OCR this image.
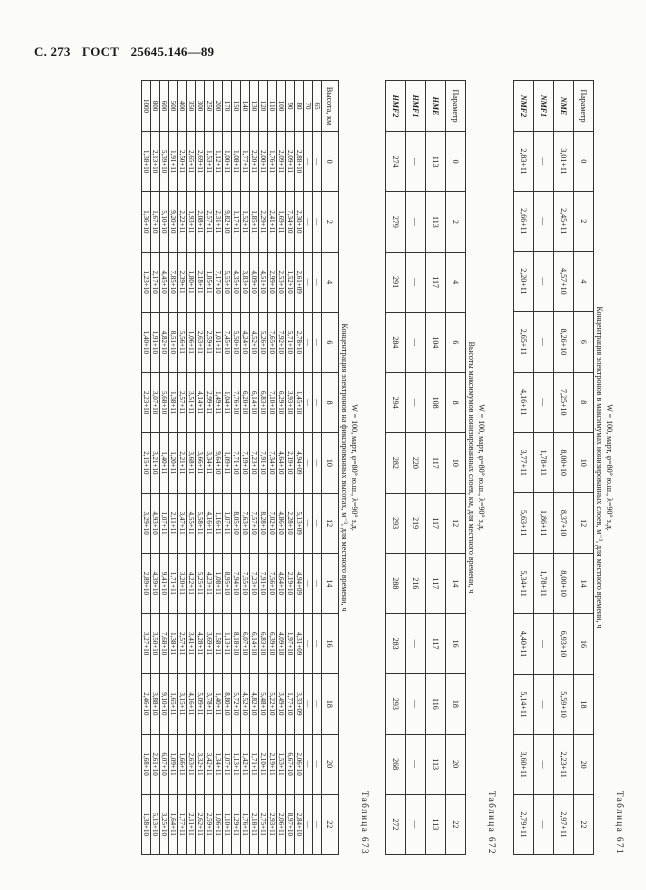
С. 273 ГОСТ 25645.146—89
Таблица 671
W = 100, март, φ=80° ю.ш., λ=90° з.д.
Концентрация электронов в максимумах ионизированных слоев, м⁻³, для местного времени, ч
Параметр	0	2	4	6	8	10	12	14	16	18	20	22
NME	3,01+11	2,45+11	4,57+10	8,26+10	7,25+10	8,00+10	8,37+10	8,00+10	6,93+10	5,59+10	2,23+11	2,97+11
NMF1	—	—	—	—	—	1,78+11	1,86+11	1,78+11	—	—	—	—
NMF2	2,83+11	2,66+11	2,20+11	2,65+11	4,16+11	3,77+11	5,63+11	5,34+11	4,40+11	5,14+11	3,60+11	2,79+11
Таблица 672
W = 100, март, φ=80° ю.ш., λ=90° з.д.
Высоты максимумов ионизированных слоев, км, для местного времени, ч
Параметр	0	2	4	6	8	10	12	14	16	18	20	22
HME	113	113	117	104	108	117	117	117	117	116	113	113
HMF1	—	—	—	—	—	220	219	216	—	—	—	—
HMF2	274	279	291	284	294	282	293	288	283	293	268	272
Таблица 673
W = 100, март, φ=80° ю.ш., λ=90° з.д.
Концентрация электронов на фиксированных высотах, м⁻³, для местного времени, ч
Высота, км	0	2	4	6	8	10	12	14	16	18	20	22
65	—	—	—	—	—	—	—	—	—	—	—	—
70	—	—	—	—	—	—	—	—	—	—	—	—
80	2,88+10	2,30+10	2,61+09	2,78+10	1,45+10	4,94+09	5,13+09	4,94+09	4,31+09	3,33+09	2,06+10	2,84+10
90	2,09+11	7,34+10	1,52+10	5,71+10	3,93+10	2,19+10	2,28+10	2,19+10	1,97+10	1,77+10	6,67+10	8,97+10
100	2,09+11	1,69+11	2,53+10	7,92+10	6,29+10	4,64+10	4,86+10	4,64+10	4,09+10	3,49+10	1,53+11	2,06+11
110	1,76+11	2,41+11	2,99+10	7,65+10	7,10+10	7,34+10	7,02+10	7,56+10	6,39+10	5,22+10	2,19+11	2,93+11
120	2,00+11	2,29+11	4,51+10	5,26+10	6,83+10	7,91+10	8,28+10	7,91+10	6,83+10	5,48+10	2,10+11	2,75+11
130	2,20+11	1,85+11	4,09+10	4,52+10	6,14+10	7,23+10	7,57+10	7,23+10	6,14+10	4,82+10	1,71+11	2,18+11
140	1,77+11	1,52+11	3,83+10	4,24+10	6,20+10	7,19+10	7,63+10	7,55+10	6,07+10	4,52+10	1,42+11	1,76+11
150	1,08+11	1,17+11	4,35+10	5,50+10	7,76+10	7,71+10	8,05+10	7,94+10	8,18+10	5,72+10	1,13+11	1,29+11
170	1,00+11	9,82+10	5,55+10	7,45+10	1,04+11	1,09+11	1,07+11	8,95+10	1,13+11	8,80+10	1,07+11	1,10+11
200	1,12+11	2,31+11	7,17+10	1,01+11	1,49+11	9,64+10	1,16+11	1,08+11	1,58+11	1,40+11	1,34+11	1,06+11
250	1,53+11	2,57+11	1,05+11	2,59+11	2,99+11	3,34+11	4,16+11	4,23+11	3,69+11	3,78+11	3,42+11	2,59+11
300	2,69+11	2,08+11	2,18+11	2,63+11	4,14+11	3,66+11	5,58+11	5,25+11	4,28+11	5,09+11	3,32+11	2,62+11
350	2,65+11	1,93+11	1,80+11	1,06+11	3,51+11	3,68+11	4,55+11	4,22+11	3,41+11	4,16+11	2,63+11	2,11+11
400	2,50+11	2,22+11	2,39+11	5,56+11	2,57+11	2,21+11	3,47+11	3,20+11	2,57+11	3,15+11	1,66+11	1,77+11
500	1,91+11	9,20+10	7,85+10	8,51+10	1,38+11	1,20+11	2,11+11	1,71+11	1,38+11	1,65+11	1,09+11	1,64+11
600	5,39+10	5,10+10	4,45+10	4,82+10	5,68+10	1,40+11	1,07+11	9,41+10	7,68+10	9,10+10	6,07+10	3,25+10
800	2,13+10	1,67+10	2,17+10	1,91+10	3,07+10	3,21+10	4,93+10	4,39+10	3,50+10	3,88+10	2,61+10	5,13+10
1000	1,38+10	1,36+10	1,23+10	1,40+10	2,23+10	2,15+10	3,29+10	2,89+10	3,27+10	2,46+10	1,68+10	1,38+10
